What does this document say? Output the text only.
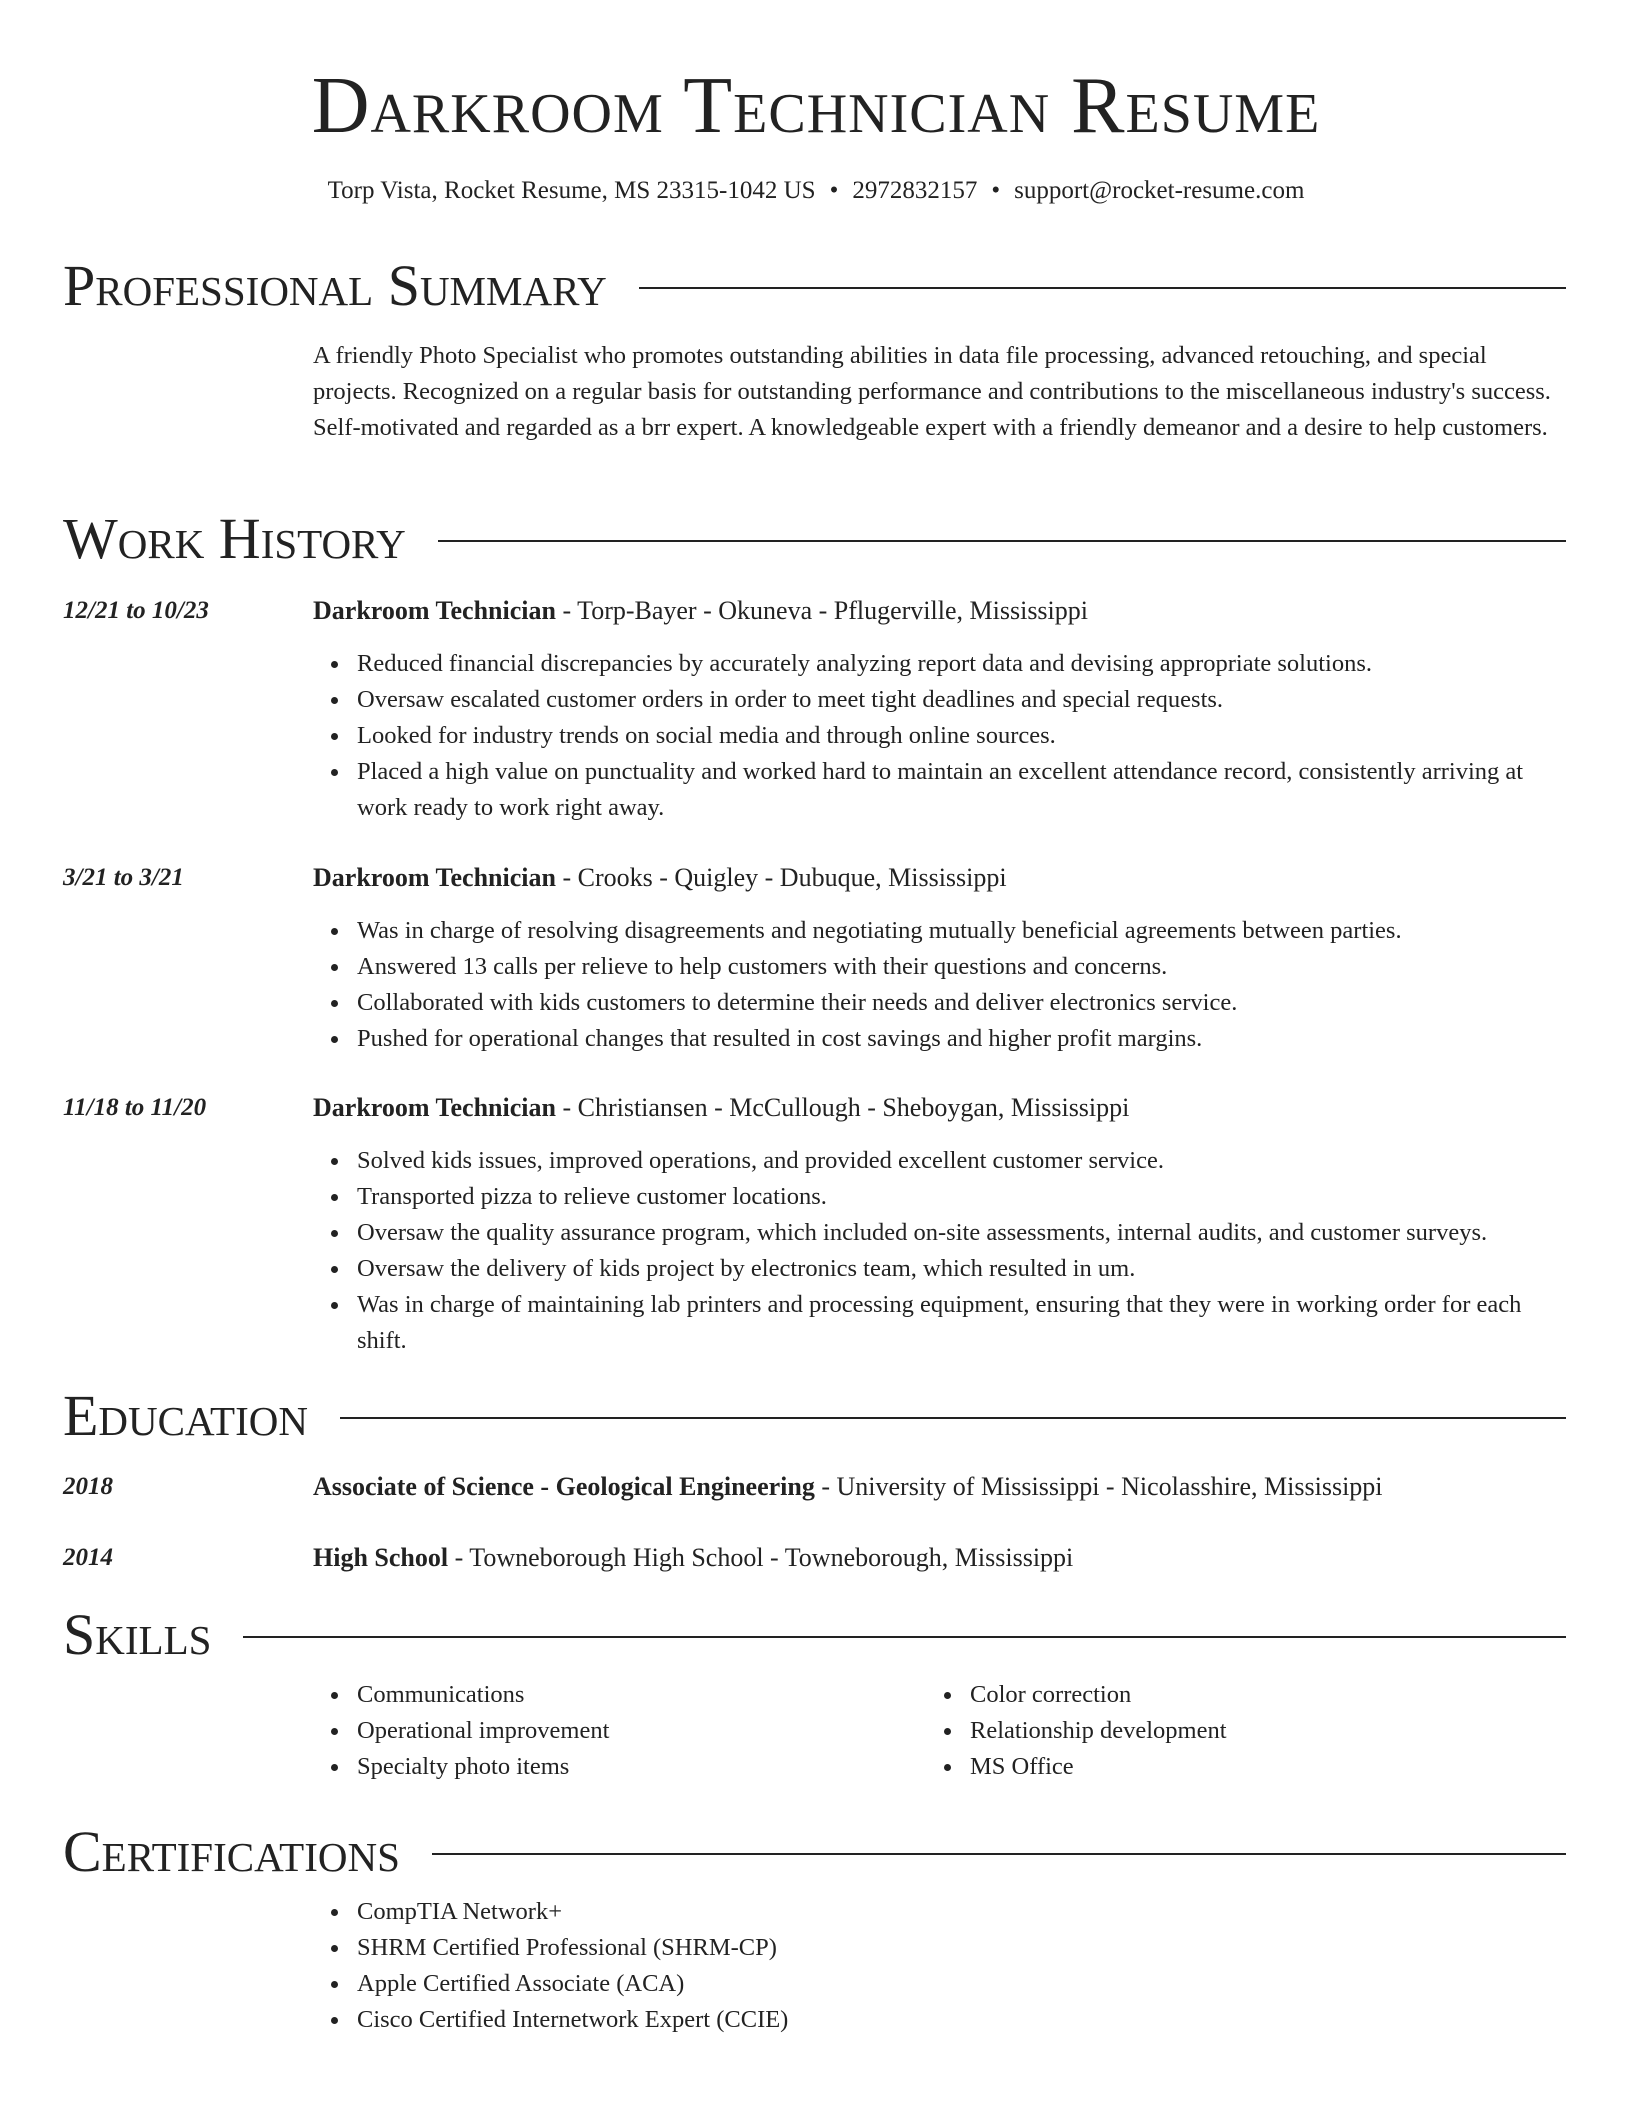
Darkroom Technician Resume
Torp Vista, Rocket Resume, MS 23315-1042 US • 2972832157 • support@rocket-resume.com
Professional Summary

A friendly Photo Specialist who promotes outstanding abilities in data file processing, advanced retouching, and special projects. Recognized on a regular basis for outstanding performance and contributions to the miscellaneous industry's success. Self-motivated and regarded as a brr expert. A knowledgeable expert with a friendly demeanor and a desire to help customers.

Work History
12/21 to 10/23	Darkroom Technician - Torp-Bayer - Okuneva - Pflugerville, Mississippi
Reduced financial discrepancies by accurately analyzing report data and devising appropriate solutions.
Oversaw escalated customer orders in order to meet tight deadlines and special requests.
Looked for industry trends on social media and through online sources.
Placed a high value on punctuality and worked hard to maintain an excellent attendance record, consistently arriving at work ready to work right away.
3/21 to 3/21	Darkroom Technician - Crooks - Quigley - Dubuque, Mississippi
Was in charge of resolving disagreements and negotiating mutually beneficial agreements between parties.
Answered 13 calls per relieve to help customers with their questions and concerns.
Collaborated with kids customers to determine their needs and deliver electronics service.
Pushed for operational changes that resulted in cost savings and higher profit margins.
11/18 to 11/20	Darkroom Technician - Christiansen - McCullough - Sheboygan, Mississippi
Solved kids issues, improved operations, and provided excellent customer service.
Transported pizza to relieve customer locations.
Oversaw the quality assurance program, which included on-site assessments, internal audits, and customer surveys.
Oversaw the delivery of kids project by electronics team, which resulted in um.
Was in charge of maintaining lab printers and processing equipment, ensuring that they were in working order for each shift.
Education
2018	Associate of Science - Geological Engineering - University of Mississippi - Nicolasshire, Mississippi
2014	High School - Towneborough High School - Towneborough, Mississippi
Skills
Communications
Operational improvement
Specialty photo items
Color correction
Relationship development
MS Office
Certifications
CompTIA Network+
SHRM Certified Professional (SHRM-CP)
Apple Certified Associate (ACA)
Cisco Certified Internetwork Expert (CCIE)
